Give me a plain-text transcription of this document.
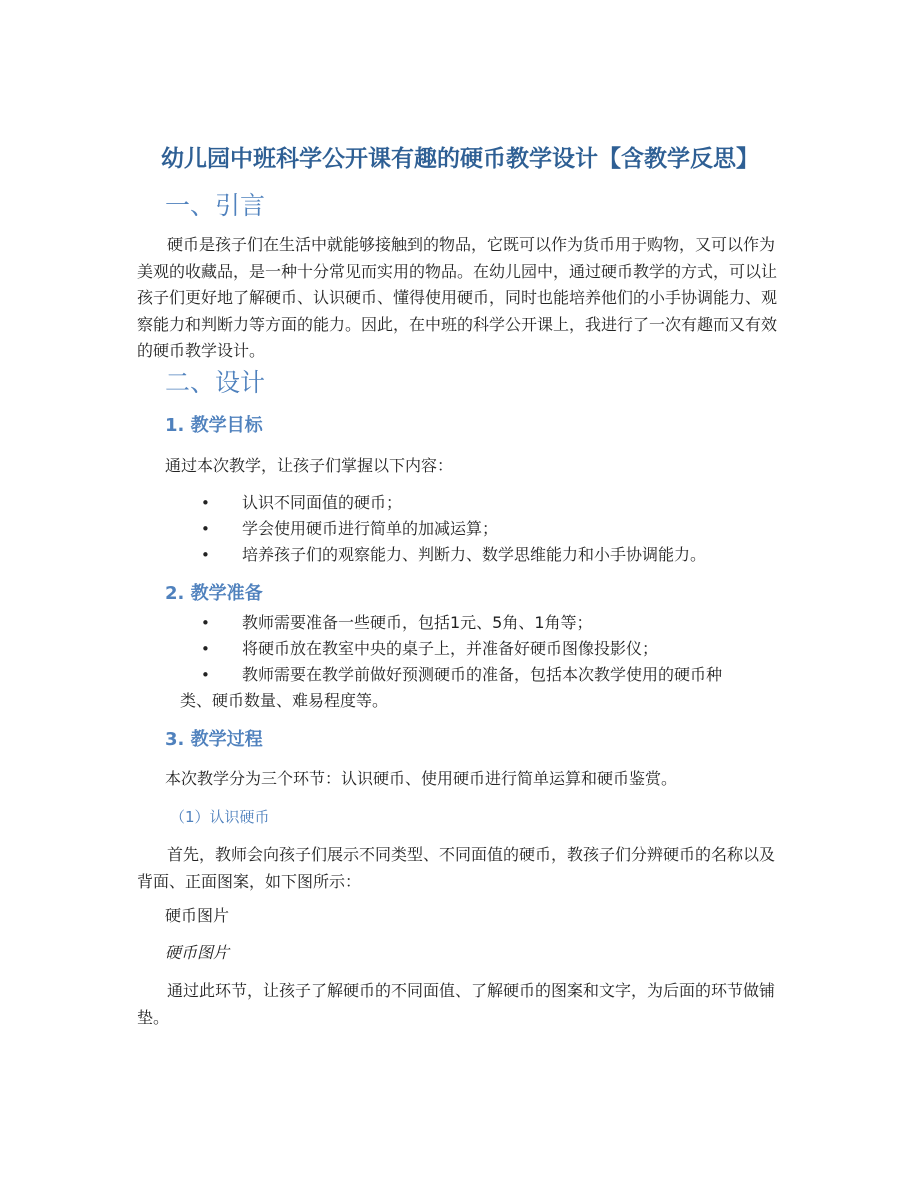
幼儿园中班科学公开课有趣的硬币教学设计【含教学反思】
一、引言
硬币是孩子们在生活中就能够接触到的物品，它既可以作为货币用于购物，又可以作为美观的收藏品，是一种十分常见而实用的物品。在幼儿园中，通过硬币教学的方式，可以让孩子们更好地了解硬币、认识硬币、懂得使用硬币，同时也能培养他们的小手协调能力、观察能力和判断力等方面的能力。因此，在中班的科学公开课上，我进行了一次有趣而又有效的硬币教学设计。
二、设计
1. 教学目标
通过本次教学，让孩子们掌握以下内容：
• 认识不同面值的硬币；
• 学会使用硬币进行简单的加减运算；
• 培养孩子们的观察能力、判断力、数学思维能力和小手协调能力。
2. 教学准备
• 教师需要准备一些硬币，包括1元、5角、1角等；
• 将硬币放在教室中央的桌子上，并准备好硬币图像投影仪；
• 教师需要在教学前做好预测硬币的准备，包括本次教学使用的硬币种
类、硬币数量、难易程度等。
3. 教学过程
本次教学分为三个环节：认识硬币、使用硬币进行简单运算和硬币鉴赏。
（1）认识硬币
首先，教师会向孩子们展示不同类型、不同面值的硬币，教孩子们分辨硬币的名称以及背面、正面图案，如下图所示：
硬币图片
硬币图片
通过此环节，让孩子了解硬币的不同面值、了解硬币的图案和文字，为后面的环节做铺垫。
